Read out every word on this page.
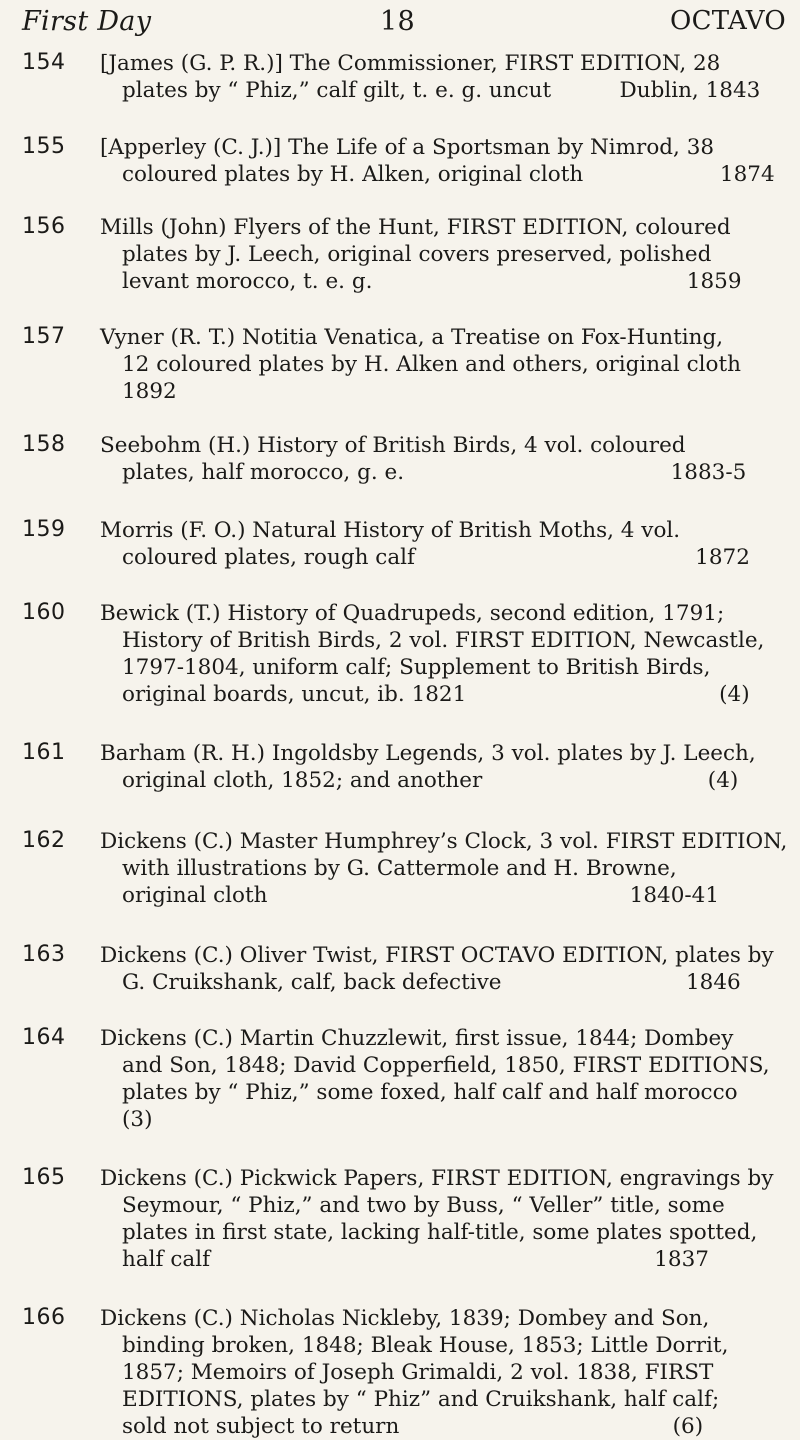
First Day	18	OCTAVO
154 [James (G. P. R.)] The Commissioner, FIRST EDITION, 28
plates by “ Phiz,” calf gilt, t. e. g. uncut          Dublin, 1843
155 [Apperley (C. J.)] The Life of a Sportsman by Nimrod, 38
coloured plates by H. Alken, original cloth                    1874
156 Mills (John) Flyers of the Hunt, FIRST EDITION, coloured
plates by J. Leech, original covers preserved, polished
levant morocco, t. e. g.                                              1859
157 Vyner (R. T.) Notitia Venatica, a Treatise on Fox-Hunting,
12 coloured plates by H. Alken and others, original cloth
1892
158 Seebohm (H.) History of British Birds, 4 vol. coloured
plates, half morocco, g. e.                                       1883-5
159 Morris (F. O.) Natural History of British Moths, 4 vol.
coloured plates, rough calf                                         1872
160 Bewick (T.) History of Quadrupeds, second edition, 1791;
History of British Birds, 2 vol. FIRST EDITION, Newcastle,
1797-1804, uniform calf; Supplement to British Birds,
original boards, uncut, ib. 1821                                     (4)
161 Barham (R. H.) Ingoldsby Legends, 3 vol. plates by J. Leech,
original cloth, 1852; and another                                 (4)
162 Dickens (C.) Master Humphrey’s Clock, 3 vol. FIRST EDITION,
with illustrations by G. Cattermole and H. Browne,
original cloth                                                     1840-41
163 Dickens (C.) Oliver Twist, FIRST OCTAVO EDITION, plates by
G. Cruikshank, calf, back defective                           1846
164 Dickens (C.) Martin Chuzzlewit, first issue, 1844; Dombey
and Son, 1848; David Copperfield, 1850, FIRST EDITIONS,
plates by “ Phiz,” some foxed, half calf and half morocco
(3)
165 Dickens (C.) Pickwick Papers, FIRST EDITION, engravings by
Seymour, “ Phiz,” and two by Buss, “ Veller” title, some
plates in first state, lacking half-title, some plates spotted,
half calf                                                                 1837
166 Dickens (C.) Nicholas Nickleby, 1839; Dombey and Son,
binding broken, 1848; Bleak House, 1853; Little Dorrit,
1857; Memoirs of Joseph Grimaldi, 2 vol. 1838, FIRST
EDITIONS, plates by “ Phiz” and Cruikshank, half calf;
sold not subject to return                                        (6)
